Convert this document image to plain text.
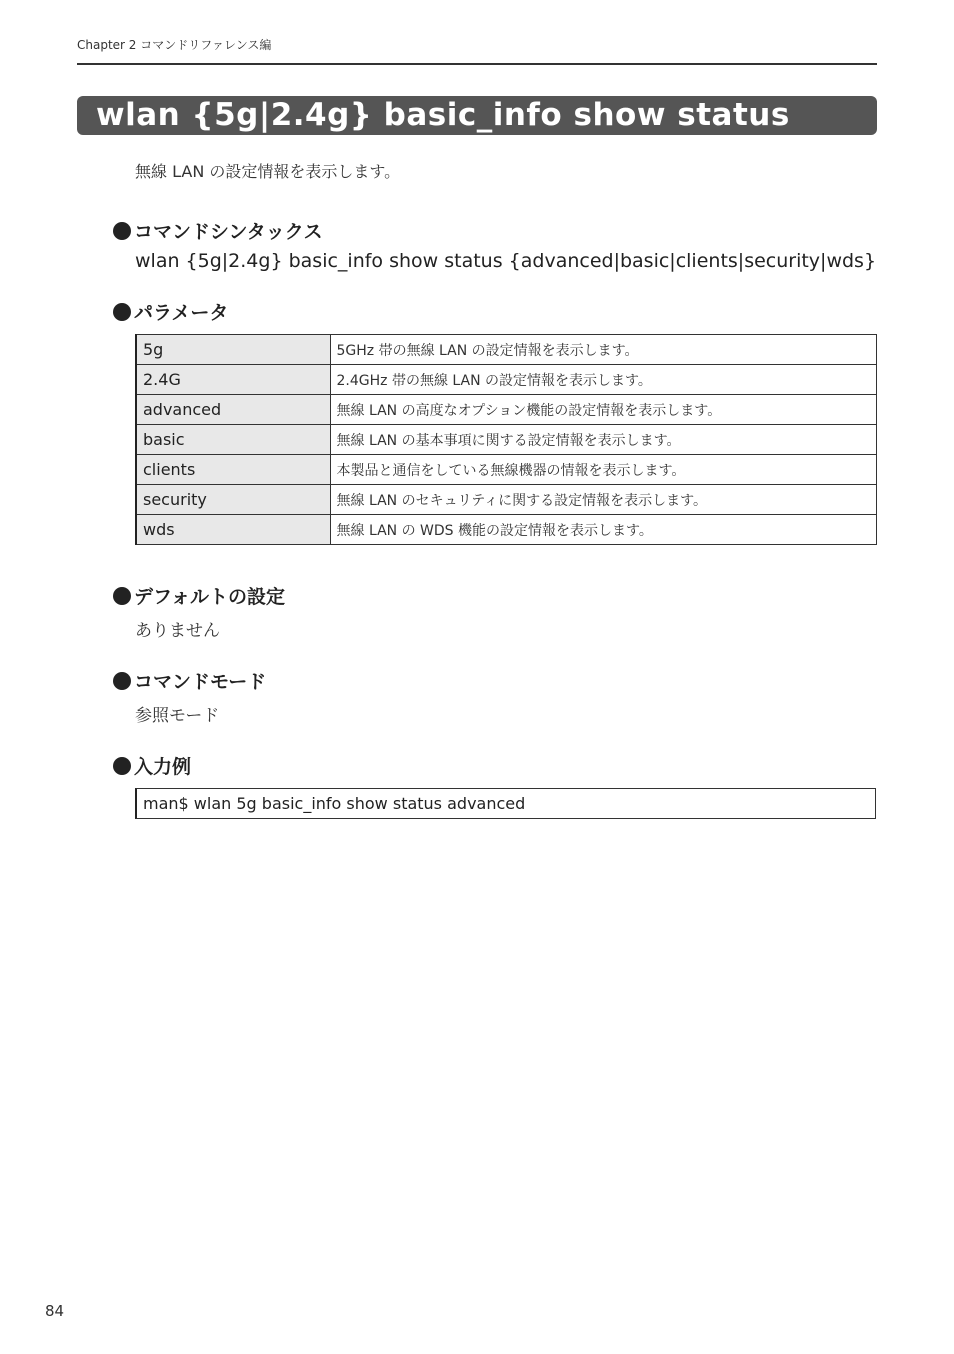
Chapter 2 コマンドリファレンス編
wlan {5g|2.4g} basic_info show status
無線 LAN の設定情報を表示します。
コマンドシンタックス
wlan {5g|2.4g} basic_info show status {advanced|basic|clients|security|wds}
パラメータ
5g	5GHz 帯の無線 LAN の設定情報を表示します。
2.4G	2.4GHz 帯の無線 LAN の設定情報を表示します。
advanced	無線 LAN の高度なオプション機能の設定情報を表示します。
basic	無線 LAN の基本事項に関する設定情報を表示します。
clients	本製品と通信をしている無線機器の情報を表示します。
security	無線 LAN のセキュリティに関する設定情報を表示します。
wds	無線 LAN の WDS 機能の設定情報を表示します。
デフォルトの設定
ありません
コマンドモード
参照モード
入力例
man$ wlan 5g basic_info show status advanced
84
